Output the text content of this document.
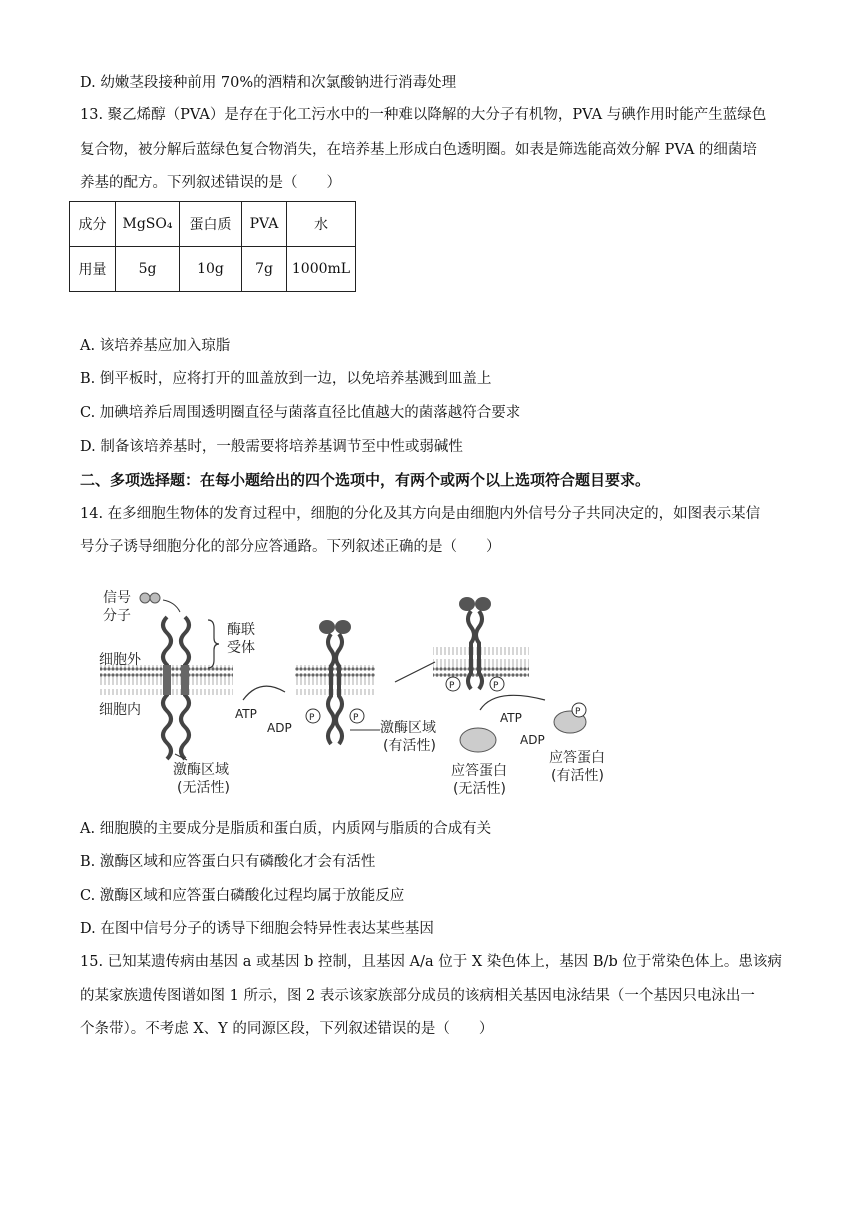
D. 幼嫩茎段接种前用 70%的酒精和次氯酸钠进行消毒处理
13. 聚乙烯醇（PVA）是存在于化工污水中的一种难以降解的大分子有机物，PVA 与碘作用时能产生蓝绿色
复合物，被分解后蓝绿色复合物消失，在培养基上形成白色透明圈。如表是筛选能高效分解 PVA 的细菌培
养基的配方。下列叙述错误的是（　　）
成分	MgSO₄	蛋白质	PVA	水
用量	5g	10g	7g	1000mL
A. 该培养基应加入琼脂
B. 倒平板时，应将打开的皿盖放到一边，以免培养基溅到皿盖上
C. 加碘培养后周围透明圈直径与菌落直径比值越大的菌落越符合要求
D. 制备该培养基时，一般需要将培养基调节至中性或弱碱性
二、多项选择题：在每小题给出的四个选项中，有两个或两个以上选项符合题目要求。
14. 在多细胞生物体的发育过程中，细胞的分化及其方向是由细胞内外信号分子共同决定的，如图表示某信
号分子诱导细胞分化的部分应答通路。下列叙述正确的是（　　）
信号
分子
细胞外
细胞内
酶联
受体
激酶区域
(无活性)
ATP
ADP
P	P
激酶区域
(有活性)
P	P
ATP
ADP
P
应答蛋白
(无活性)
应答蛋白
(有活性)
A. 细胞膜的主要成分是脂质和蛋白质，内质网与脂质的合成有关
B. 激酶区域和应答蛋白只有磷酸化才会有活性
C. 激酶区域和应答蛋白磷酸化过程均属于放能反应
D. 在图中信号分子的诱导下细胞会特异性表达某些基因
15. 已知某遗传病由基因 a 或基因 b 控制，且基因 A/a 位于 X 染色体上，基因 B/b 位于常染色体上。患该病
的某家族遗传图谱如图 1 所示，图 2 表示该家族部分成员的该病相关基因电泳结果（一个基因只电泳出一
个条带）。不考虑 X、Y 的同源区段，下列叙述错误的是（　　）
